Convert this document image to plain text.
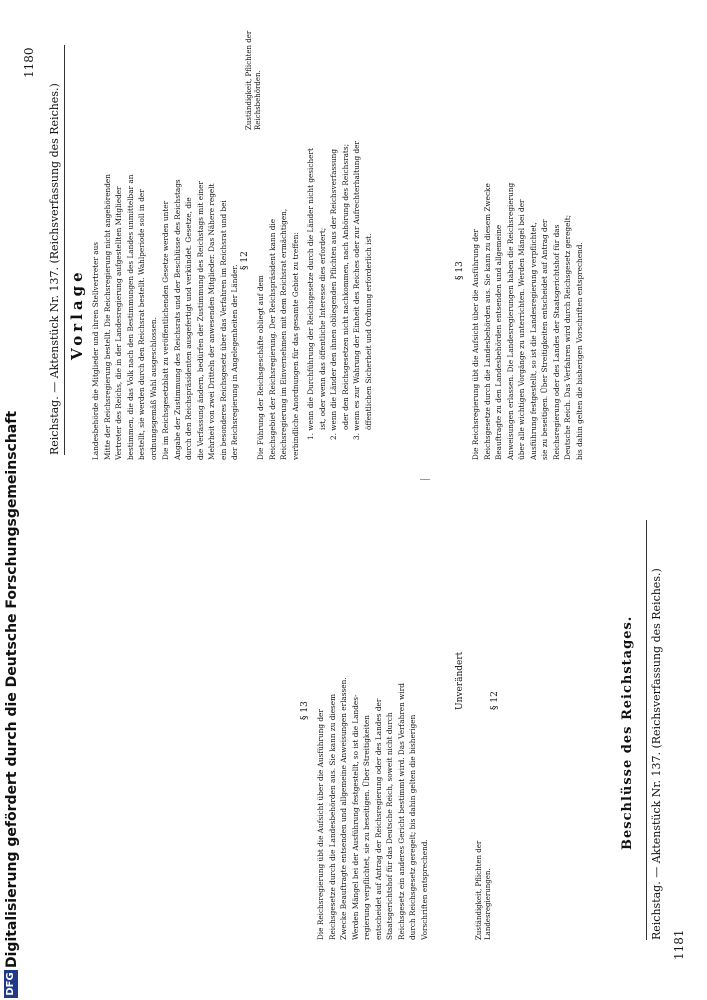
1180
Reichstag. — Aktenstück Nr. 137. (Reichsverfassung des Reiches.) Vorlage Landesbehörde die Mitglieder und ihren Stellvertreter aus Mitte der Reichsregierung bestellt. Die Reichsregierung nicht angehörenden Vertreter des Reichs, die in der Landesregierung aufgestellten Mitglieder bestimmen, die das Volk nach den Bestimmungen des Landes unmittelbar an bestellt, sie werden durch den Reichsrat bestellt. Wahlperiode soll in der ordnungsgemäß Wahl ausgeschlossen. Die im Reichsgesetzblatt zu veröffentlichenden Gesetze werden unter Angabe der Zustimmung des Reichsrats und der Beschlüsse des Reichstags durch den Reichspräsidenten ausgefertigt und verkündet. Gesetze, die die Verfassung ändern, bedürfen der Zustimmung des Reichstags mit einer Mehrheit von zwei Dritteln der anwesenden Mitglieder. Das Nähere regelt ein besonderes Reichsgesetz über das Verfahren im Reichsrat und bei der Reichsregierung in Angelegenheiten der Länder.

Zuständigkeit, Pflichten der Reichsbehörden.
§ 12

Die Führung der Reichsgeschäfte obliegt auf dem Reichsgebiet der Reichsregierung. Der Reichspräsident kann die Reichsregierung im Einvernehmen mit dem Reichsrat ermächtigen, verbindliche Anordnungen für das gesamte Gebiet zu treffen: 1. wenn die Durchführung der Reichsgesetze durch die Länder nicht gesichert ist, oder wenn das öffentliche Interesse dies erfordert; 2. wenn die Länder den ihnen obliegenden Pflichten aus der Reichsverfassung oder den Reichsgesetzen nicht nachkommen, nach Anhörung des Reichsrats; 3. wenn es zur Wahrung der Einheit des Reiches oder zur Aufrechterhaltung der öffentlichen Sicherheit und Ordnung erforderlich ist.	§ 13 Die Reichsregierung übt die Aufsicht über die Ausführung der Reichsgesetze durch die Landesbehörden aus. Sie kann zu diesem Zwecke Beauftragte zu den Landesbehörden entsenden und allgemeine Anweisungen erlassen. Die Landesregierungen haben die Reichsregierung über alle wichtigen Vorgänge zu unterrichten. Werden Mängel bei der Ausführung festgestellt, so ist die Landesregierung verpflichtet, sie zu beseitigen. Über Streitigkeiten entscheidet auf Antrag der Reichsregierung oder des Landes der Staatsgerichtshof für das Deutsche Reich. Das Verfahren wird durch Reichsgesetz geregelt; bis dahin gelten die bisherigen Vorschriften entsprechend.

1181
Reichstag. — Aktenstück Nr. 137. (Reichsverfassung des Reiches.)
Beschlüsse des Reichstages.
Zuständigkeit, Pflichten der Landesregierungen.
§ 12
Unverändert
§ 13 Die Reichsregierung übt die Aufsicht über die Ausführung der Reichsgesetze durch die Landesbehörden aus. Sie kann zu diesem Zwecke Beauftragte entsenden und allgemeine Anweisungen erlassen. Werden Mängel bei der Ausführung festgestellt, so ist die Landes- regierung verpflichtet, sie zu beseitigen. Über Streitigkeiten entscheidet auf Antrag der Reichsregierung oder des Landes der Staatsgerichtshof für das Deutsche Reich, soweit nicht durch Reichsgesetz ein anderes Gericht bestimmt wird. Das Verfahren wird durch Reichsgesetz geregelt; bis dahin gelten die bisherigen Vorschriften entsprechend.

Digitalisierung gefördert durch die Deutsche Forschungsgemeinschaft
DFG
